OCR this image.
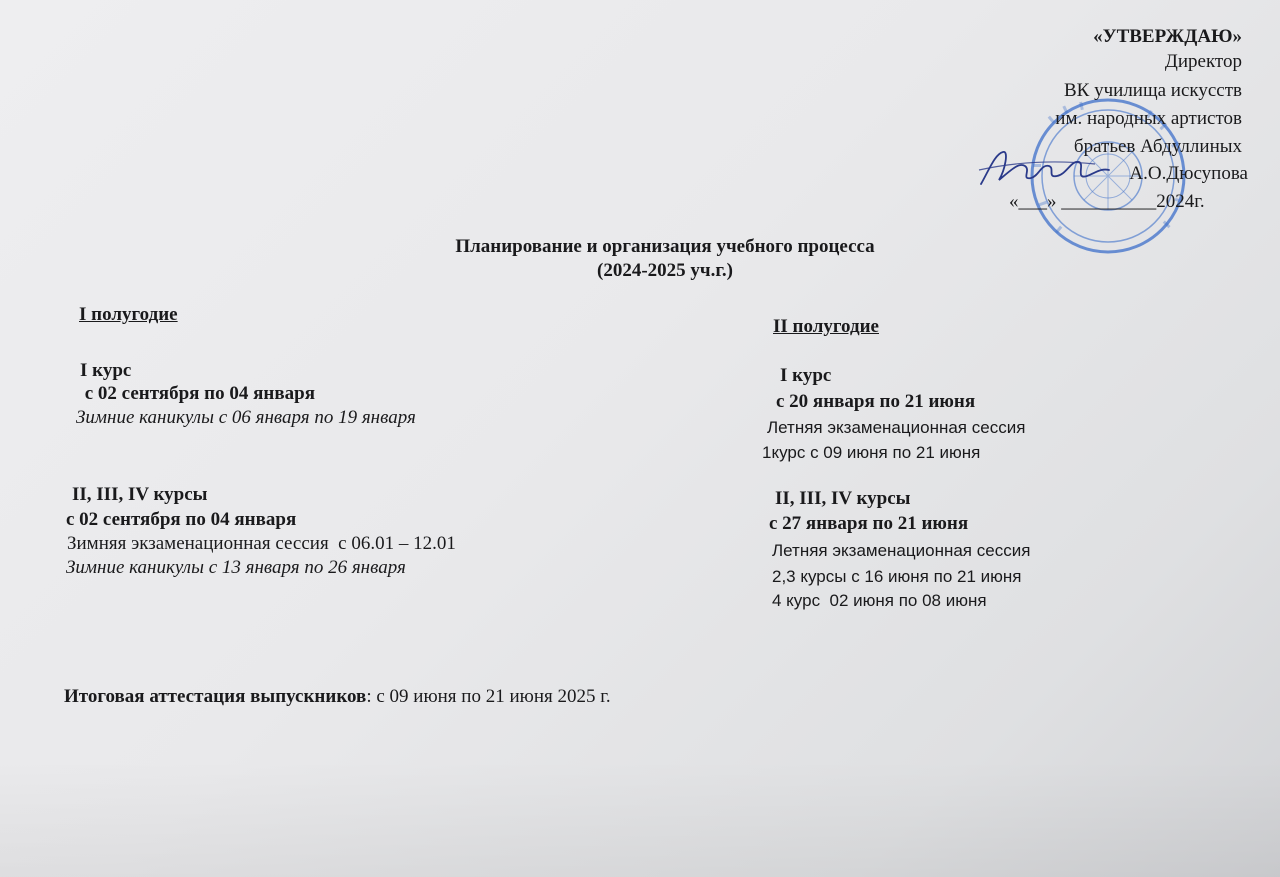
«УТВЕРЖДАЮ»
Директор
ВК училища искусств
им. народных артистов
братьев Абдуллиных
А.О.Дюсупова
«___» __________2024г.
Планирование и организация учебного процесса
(2024-2025 уч.г.)
I полугодие
I курс
с 02 сентября по 04 января
Зимние каникулы с 06 января по 19 января
II, III, IV курсы
с 02 сентября по 04 января
Зимняя экзаменационная сессия  с 06.01 – 12.01
Зимние каникулы с 13 января по 26 января
II полугодие
I курс
с 20 января по 21 июня
Летняя экзаменационная сессия
1курс с 09 июня по 21 июня
II, III, IV курсы
с 27 января по 21 июня
Летняя экзаменационная сессия
2,3 курсы с 16 июня по 21 июня
4 курс  02 июня по 08 июня
Итоговая аттестация выпускников: с 09 июня по 21 июня 2025 г.
